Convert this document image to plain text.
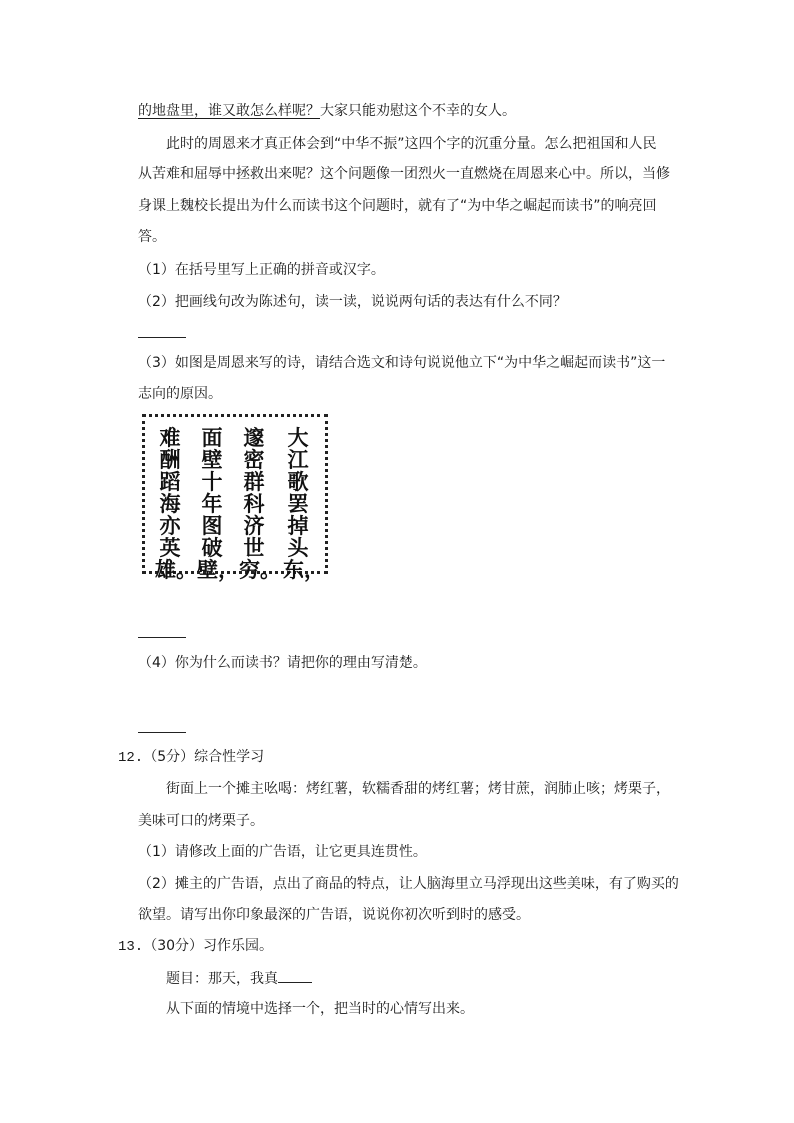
的地盘里，谁又敢怎么样呢？大家只能劝慰这个不幸的女人。
此时的周恩来才真正体会到“中华不振”这四个字的沉重分量。怎么把祖国和人民
从苦难和屈辱中拯救出来呢？这个问题像一团烈火一直燃烧在周恩来心中。所以，当修
身课上魏校长提出为什么而读书这个问题时，就有了“为中华之崛起而读书”的响亮回
答。
（1）在括号里写上正确的拼音或汉字。
（2）把画线句改为陈述句，读一读，说说两句话的表达有什么不同？
（3）如图是周恩来写的诗，请结合选文和诗句说说他立下“为中华之崛起而读书”这一
志向的原因。
大江歌罢掉头东，
邃密群科济世穷。
面壁十年图破壁，
难酬蹈海亦英雄。
（4）你为什么而读书？请把你的理由写清楚。
12.（5分）综合性学习
街面上一个摊主吆喝：烤红薯，软糯香甜的烤红薯；烤甘蔗，润肺止咳；烤栗子，
美味可口的烤栗子。
（1）请修改上面的广告语，让它更具连贯性。
（2）摊主的广告语，点出了商品的特点，让人脑海里立马浮现出这些美味，有了购买的
欲望。请写出你印象最深的广告语，说说你初次听到时的感受。
13.（30分）习作乐园。
题目：那天，我真
从下面的情境中选择一个，把当时的心情写出来。
